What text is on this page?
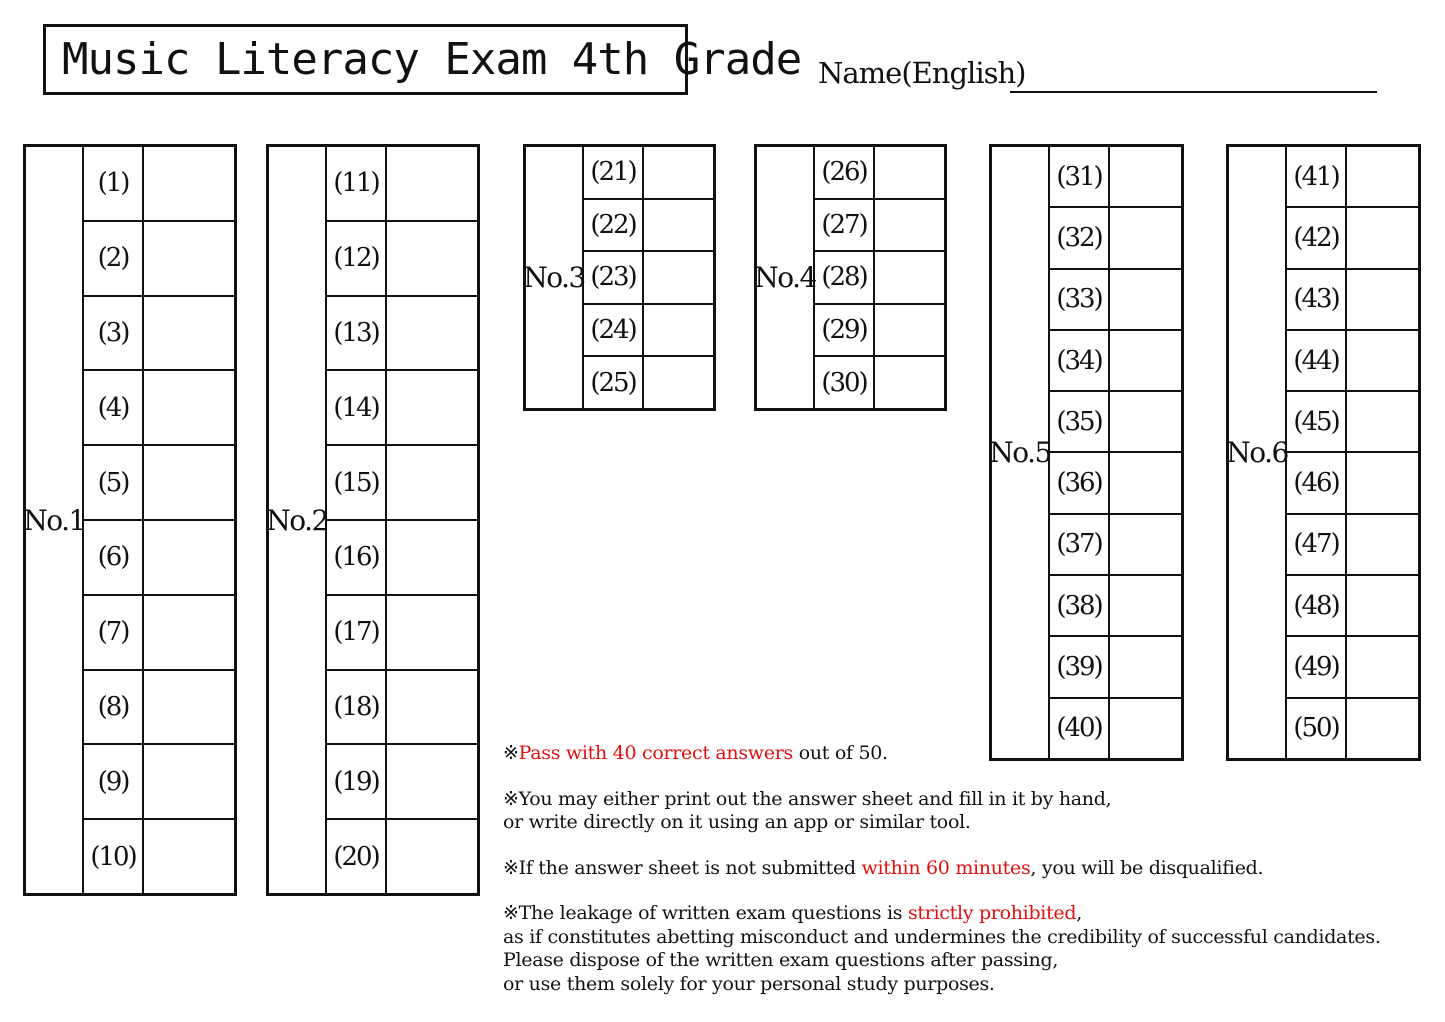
Music Literacy Exam 4th Grade Name(English)
No.1
(1)
(2)
(3)
(4)
(5)
(6)
(7)
(8)
(9)
(10)
No.2
(11)
(12)
(13)
(14)
(15)
(16)
(17)
(18)
(19)
(20)
No.3
(21)
(22)
(23)
(24)
(25)
No.4
(26)
(27)
(28)
(29)
(30)
No.5
(31)
(32)
(33)
(34)
(35)
(36)
(37)
(38)
(39)
(40)
No.6
(41)
(42)
(43)
(44)
(45)
(46)
(47)
(48)
(49)
(50)

※Pass with 40 correct answers out of 50.

※You may either print out the answer sheet and fill in it by hand,
or write directly on it using an app or similar tool.

※If the answer sheet is not submitted within 60 minutes, you will be disqualified.

※The leakage of written exam questions is strictly prohibited,
as if constitutes abetting misconduct and undermines the credibility of successful candidates.
Please dispose of the written exam questions after passing,
or use them solely for your personal study purposes.
